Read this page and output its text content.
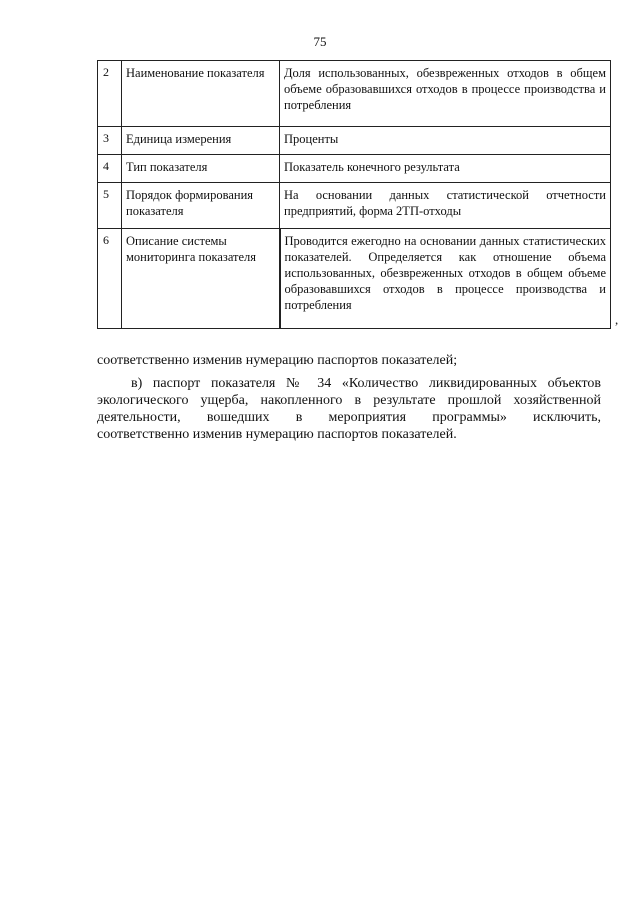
75
2	Наименование показателя	Доля использованных, обезвреженных отходов в общем объеме образовавшихся отходов в процессе производства и потребления
3	Единица измерения	Проценты
4	Тип показателя	Показатель конечного результата
5	Порядок формирования показателя	На основании данных статистической отчетности предприятий, форма 2ТП-отходы
6	Описание системы мониторинга показателя	Проводится ежегодно на основании данных статистических показателей. Определяется как отношение объема использованных, обезвреженных отходов в общем объеме образовавшихся отходов в процессе производства и потребления
,
соответственно изменив нумерацию паспортов показателей;
в) паспорт показателя № 34 «Количество ликвидированных объектов
экологического ущерба, накопленного в результате прошлой хозяйственной
деятельности, вошедших в мероприятия программы» исключить,
соответственно изменив нумерацию паспортов показателей.
